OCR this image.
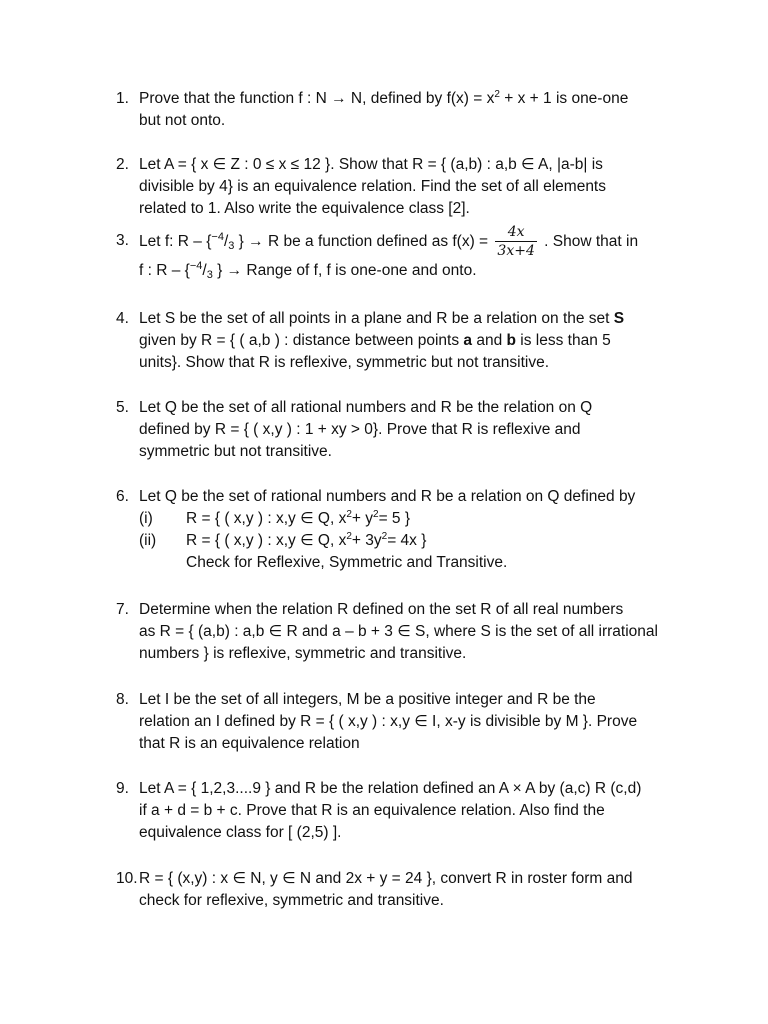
1. Prove that the function f : N → N, defined by $f(x) = x^2 + x + 1$ is one-one
but not onto.
2. Let A = { x ∈ Z : 0 ≤ x ≤ 12 }. Show that R = { (a,b) : a,b ∈ A, |a-b| is
divisible by 4} is an equivalence relation. Find the set of all elements
related to 1. Also write the equivalence class [2].
3. Let f: R – {$^{-4}/_3$ } → R be a function defined as $f(x) = \frac{4x}{3x+4}$ . Show that in
f : R – {$^{-4}/_3$ } → Range of f, f is one-one and onto.
4. Let S be the set of all points in a plane and R be a relation on the set S
given by R = { ( a,b ) : distance between points a and b is less than 5
units}. Show that R is reflexive, symmetric but not transitive.
5. Let Q be the set of all rational numbers and R be the relation on Q
defined by R = { ( x,y ) : 1 + xy > 0}. Prove that R is reflexive and
symmetric but not transitive.
6. Let Q be the set of rational numbers and R be a relation on Q defined by
(i) R = { ( x,y ) : x,y ∈ Q, $x^2+ y^2= 5$ }
(ii) R = { ( x,y ) : x,y ∈ Q, $x^2+ 3y^2= 4x$ }
Check for Reflexive, Symmetric and Transitive.
7. Determine when the relation R defined on the set R of all real numbers
as R = { (a,b) : a,b ∈ R and a – b + 3 ∈ S, where S is the set of all irrational
numbers } is reflexive, symmetric and transitive.
8. Let I be the set of all integers, M be a positive integer and R be the
relation an I defined by R = { ( x,y ) : x,y ∈ I, x-y is divisible by M }. Prove
that R is an equivalence relation
9. Let A = { 1,2,3....9 } and R be the relation defined an A × A by (a,c) R (c,d)
if a + d = b + c. Prove that R is an equivalence relation. Also find the
equivalence class for [ (2,5) ].
10. R = { (x,y) : x ∈ N, y ∈ N and 2x + y = 24 }, convert R in roster form and
check for reflexive, symmetric and transitive.
